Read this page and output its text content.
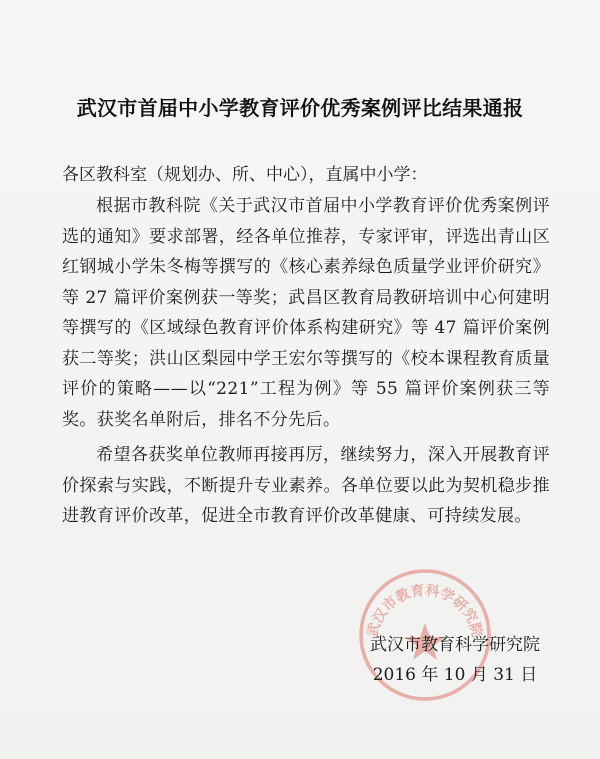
武汉市首届中小学教育评价优秀案例评比结果通报
各区教科室（规划办、所、中心），直属中小学：
根据市教科院《关于武汉市首届中小学教育评价优秀案例评选的通知》要求部署，经各单位推荐，专家评审，评选出青山区红钢城小学朱冬梅等撰写的《核心素养绿色质量学业评价研究》等 27 篇评价案例获一等奖；武昌区教育局教研培训中心何建明等撰写的《区域绿色教育评价体系构建研究》等 47 篇评价案例获二等奖；洪山区梨园中学王宏尔等撰写的《校本课程教育质量评价的策略——以“221”工程为例》等 55 篇评价案例获三等奖。获奖名单附后，排名不分先后。
希望各获奖单位教师再接再厉，继续努力，深入开展教育评价探索与实践，不断提升专业素养。各单位要以此为契机稳步推进教育评价改革，促进全市教育评价改革健康、可持续发展。
武汉市教育科学研究院
武汉市教育科学研究院
2016 年 10 月 31 日
